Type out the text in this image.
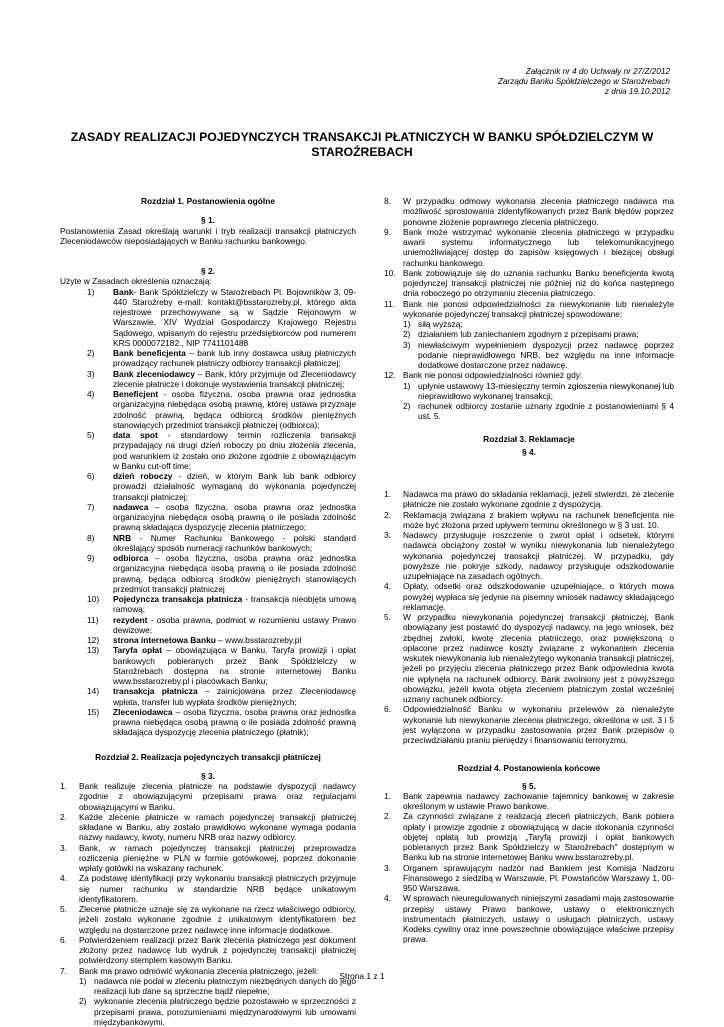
Załącznik nr 4 do Uchwały nr 27/Z/2012
Zarządu Banku Spółdzielczego w Staroźrebach
z dnia 19.10.2012
ZASADY REALIZACJI POJEDYNCZYCH TRANSAKCJI PŁATNICZYCH W BANKU SPÓŁDZIELCZYM W STAROŹREBACH
Rozdział 1. Postanowienia ogólne
§ 1.
Postanowienia Zasad określają warunki i tryb realizacji transakcji płatniczych Zleceniodawców nieposiadających w Banku rachunku bankowego.
§ 2.
Użyte w Zasadach określenia oznaczają:
1)	Bank- Bank Spółdzielczy w Staroźrebach Pl. Bojowników 3, 09-440 Staroźreby e-mail: kontakt@bsstarozreby.pl, którego akta rejestrowe przechowywane są w Sądzie Rejonowym w Warszawie, XIV Wydział Gospodarczy Krajowego Rejestru Sądowego, wpisanym do rejestru przedsiębiorców pod numerem KRS 0000072182., NIP 7741101488
2)	Bank beneficjenta – bank lub inny dostawca usług płatniczych prowadzący rachunek płatniczy odbiorcy transakcji płatniczej;
3)	Bank zleceniodawcy – Bank, który przyjmuje od Zleceniodawcy zlecenie płatnicze i dokonuje wystawienia transakcji płatniczej;
4)	Beneficjent - osoba fizyczna, osoba prawna oraz jednostka organizacyjna niebędąca osobą prawną, której ustawa przyznaje zdolność prawną, będąca odbiorcą środków pieniężnych stanowiących przedmiot transakcji płatniczej (odbiorca);
5)	data spot - standardowy termin rozliczenia transakcji przypadający na drugi dzień roboczy po dniu złożenia zlecenia, pod warunkiem iż zostało ono złożone zgodnie z obowiązującym w Banku cut-off time;
6)	dzień roboczy - dzień, w którym Bank lub bank odbiorcy prowadzi działalność wymaganą do wykonania pojedynczej transakcji płatniczej;
7)	nadawca – osoba fizyczna, osoba prawna oraz jednostka organizacyjna niebędąca osobą prawną o ile posiada zdolność prawną składająca dyspozycję zlecenia płatniczego;
8)	NRB - Numer Rachunku Bankowego - polski standard określający sposób numeracji rachunków bankowych;
9)	odbiorca – osoba fizyczna, osoba prawna oraz jednostka organizacyjna niebędąca osobą prawną o ile posiada zdolność prawną, będąca odbiorcą środków pieniężnych stanowiących przedmiot transakcji płatniczej
10)	Pojedyncza transakcja płatnicza - transakcja nieobjęta umową ramową;
11)	rezydent - osoba prawna, podmiot w rozumieniu ustawy Prawo dewizowe;
12)	strona internetowa Banku – www.bsstarozreby.pl
13)	Taryfa opłat – obowiązująca w Banku. Taryfa prowizji i opłat bankowych pobieranych przez Bank Spółdzielczy w Staroźrebach dostępna na stronie internetowej Banku www.bsstarozreby.pl i placówkach Banku;
14)	transakcja płatnicza – zainicjowana przez Zleceniodawcę wpłata, transfer lub wypłata środków pieniężnych;
15)	Zleceniodawca – osoba fizyczna, osoba prawna oraz jednostka prawna niebędąca osobą prawną o ile posiada zdolność prawną składająca dyspozycję zlecenia płatniczego (płatnik);
Rozdział 2. Realizacja pojedynczych transakcji płatniczej
§ 3.
1.	Bank realizuje zlecenia płatnicze na podstawie dyspozycji nadawcy zgodnie z obowiązującymi przepisami prawa oraz regulacjami obowiązującymi w Banku.
2.	Każde zlecenie płatnicze w ramach pojedynczej transakcji płatniczej składane w Banku, aby zostało prawidłowo wykonane wymaga podania nazwy nadawcy, kwoty, numeru NRB oraz nazwy odbiorcy.
3.	Bank, w ramach pojedynczej transakcji płatniczej przeprowadza rozliczenia pieniężne w PLN w formie gotówkowej, poprzez dokonanie wpłaty gotówki na wskazany rachunek.
4.	Za podstawę identyfikacji przy wykonaniu transakcji płatniczych przyjmuje się numer rachunku w standardzie NRB będące unikatowym identyfikatorem.
5.	Zlecenie płatnicze uznaje się za wykonane na rzecz właściwego odbiorcy, jeżeli zostało wykonane zgodnie z unikatowym identyfikatorem bez względu na dostarczone przez nadawcę inne informacje dodatkowe.
6.	Potwierdzeniem realizacji przez Bank zlecenia płatniczego jest dokument złożony przez nadawcę lub wydruk z pojedynczej transakcji płatniczej potwierdzony stemplem kasowym Banku.
7.	Bank ma prawo odmówić wykonania zlecenia płatniczego, jeżeli:
1) nadawca nie podał w zleceniu płatniczym niezbędnych danych do jego realizacji lub dane są sprzeczne bądź niepełne;
2) wykonanie zlecenia płatniczego będzie pozostawało w sprzeczności z przepisami prawa, porozumieniami międzynarodowymi lub umowami międzybankowymi.
8.	W przypadku odmowy wykonania zlecenia płatniczego nadawca ma możliwość sprostowania zidentyfikowanych przez Bank błędów poprzez ponowne złożenie poprawnego zlecenia płatniczego.
9.	Bank może wstrzymać wykonanie zlecenia płatniczego w przypadku awarii systemu informatycznego lub telekomunikacyjnego uniemożliwiającej dostęp do zapisów księgowych i bieżącej obsługi rachunku bankowego.
10. Bank zobowiązuje się do uznania rachunku Banku beneficjenta kwotą pojedynczej transakcji płatniczej nie później niż do końca następnego dnia roboczego po otrzymaniu zlecenia płatniczego.
11. Bank nie ponosi odpowiedzialności za niewykonanie lub nienależyte wykonanie pojedynczej transakcji płatniczej spowodowane:
1) siłą wyższą;
2) działaniem lub zaniechaniem zgodnym z przepisami prawa;
3) niewłaściwym wypełnieniem dyspozycji przez nadawcę poprzez podanie nieprawidłowego NRB, bez względu na inne informacje dodatkowe dostarczone przez nadawcę.
12. Bank nie ponosi odpowiedzialności również gdy:
1) upłynie ustawowy 13-miesięczny termin zgłoszenia niewykonanej lub nieprawidłowo wykonanej transakcji;
2) rachunek odbiorcy zostanie uznany zgodnie z postanowieniami § 4 ust. 5.
Rozdział 3. Reklamacje
§ 4.
1.	Nadawca ma prawo do składania reklamacji, jeżeli stwierdzi, że zlecenie płatnicze nie zostało wykonane zgodnie z dyspozycją.
2.	Reklamacja związana z brakiem wpływu na rachunek beneficjenta nie może być złożona przed upływem terminu określonego w § 3 ust. 10.
3.	Nadawcy przysługuje roszczenie o zwrot opłat i odsetek, którymi nadawca obciążony został w wyniku niewykonania lub nienależytego wykonania pojedynczej transakcji płatniczej. W przypadku, gdy powyższe nie pokryje szkody, nadawcy przysługuje odszkodowanie uzupełniające na zasadach ogólnych.
4.	Opłaty, odsetki oraz odszkodowanie uzupełniające, o których mowa powyżej wypłaca się jedynie na pisemny wniosek nadawcy składającego reklamację.
5.	W przypadku niewykonania pojedynczej transakcji płatniczej, Bank obowiązany jest postawić do dyspozycji nadawcy, na jego wniosek, bez zbędnej zwłoki, kwotę zlecenia płatniczego, oraz powiększoną o opłacone przez nadawcę koszty związane z wykonaniem zlecenia wskutek niewykonania lub nienależytego wykonania transakcji płatniczej, jeżeli po przyjęciu zlecenia płatniczego przez Bank odpowiednia kwota nie wpłynęła na rachunek odbiorcy. Bank zwolniony jest z powyższego obowiązku, jeżeli kwota objęta zleceniem płatniczym został wcześniej uznany rachunek odbiorcy.
6.	Odpowiedzialność Banku w wykonaniu przelewów za nienależyte wykonanie lub niewykonanie zlecenia płatniczego, określona w ust. 3 i 5 jest wyłączona w przypadku zastosowania przez Bank przepisów o przeciwdziałaniu praniu pieniędzy i finansowaniu terroryzmu.
Rozdział 4. Postanowienia końcowe
§ 5.
1.	Bank zapewnia nadawcy zachowanie tajemnicy bankowej w zakresie określonym w ustawie Prawo bankowe.
2.	Za czynności związane z realizacją zleceń płatniczych, Bank pobiera opłaty i prowizje zgodnie z obowiązującą w dacie dokonania czynności objętej opłatą lub prowizją „Taryfą prowizji i opłat bankowych pobieranych przez Bank Spółdzielczy w Staroźrebach" dostępnym w Banku lub na stronie internetowej Banku www.bsstarozreby.pl.
3.	Organem sprawującym nadzór nad Bankiem jest Komisja Nadzoru Finansowego z siedzibą w Warszawie, Pl. Powstańców Warszawy 1, 00-950 Warszawa.
4.	W sprawach nieuregulowanych niniejszymi zasadami mają zastosowanie przepisy ustawy Prawo bankowe, ustawy o elektronicznych instrumentach płatniczych, ustawy o usługach płatniczych, ustawy Kodeks cywilny oraz inne powszechnie obowiązujące właściwe przepisy prawa.
Strona 1 z 1
